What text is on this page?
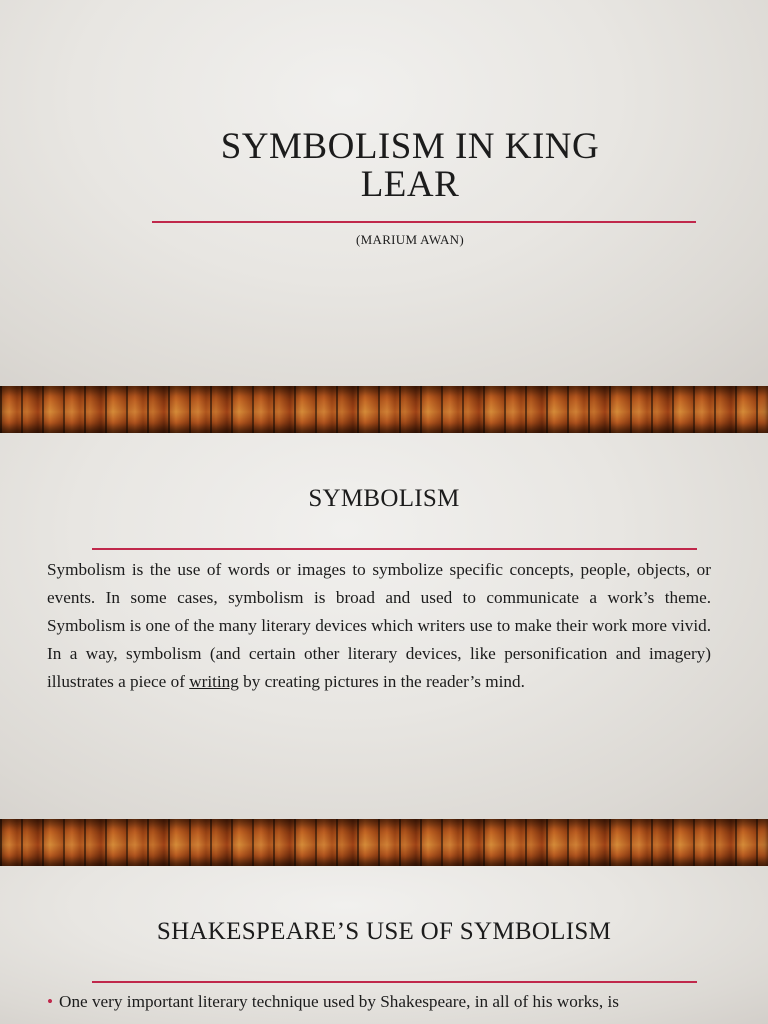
SYMBOLISM IN KING
LEAR
(MARIUM AWAN)
SYMBOLISM

Symbolism is the use of words or images to symbolize specific concepts, people, objects, or events. In some cases, symbolism is broad and used to communicate a work’s theme. Symbolism is one of the many literary devices which writers use to make their work more vivid. In a way, symbolism (and certain other literary devices, like personification and imagery) illustrates a piece of writing by creating pictures in the reader’s mind.

SHAKESPEARE’S USE OF SYMBOLISM

• One very important literary technique used by Shakespeare, in all of his works, is
